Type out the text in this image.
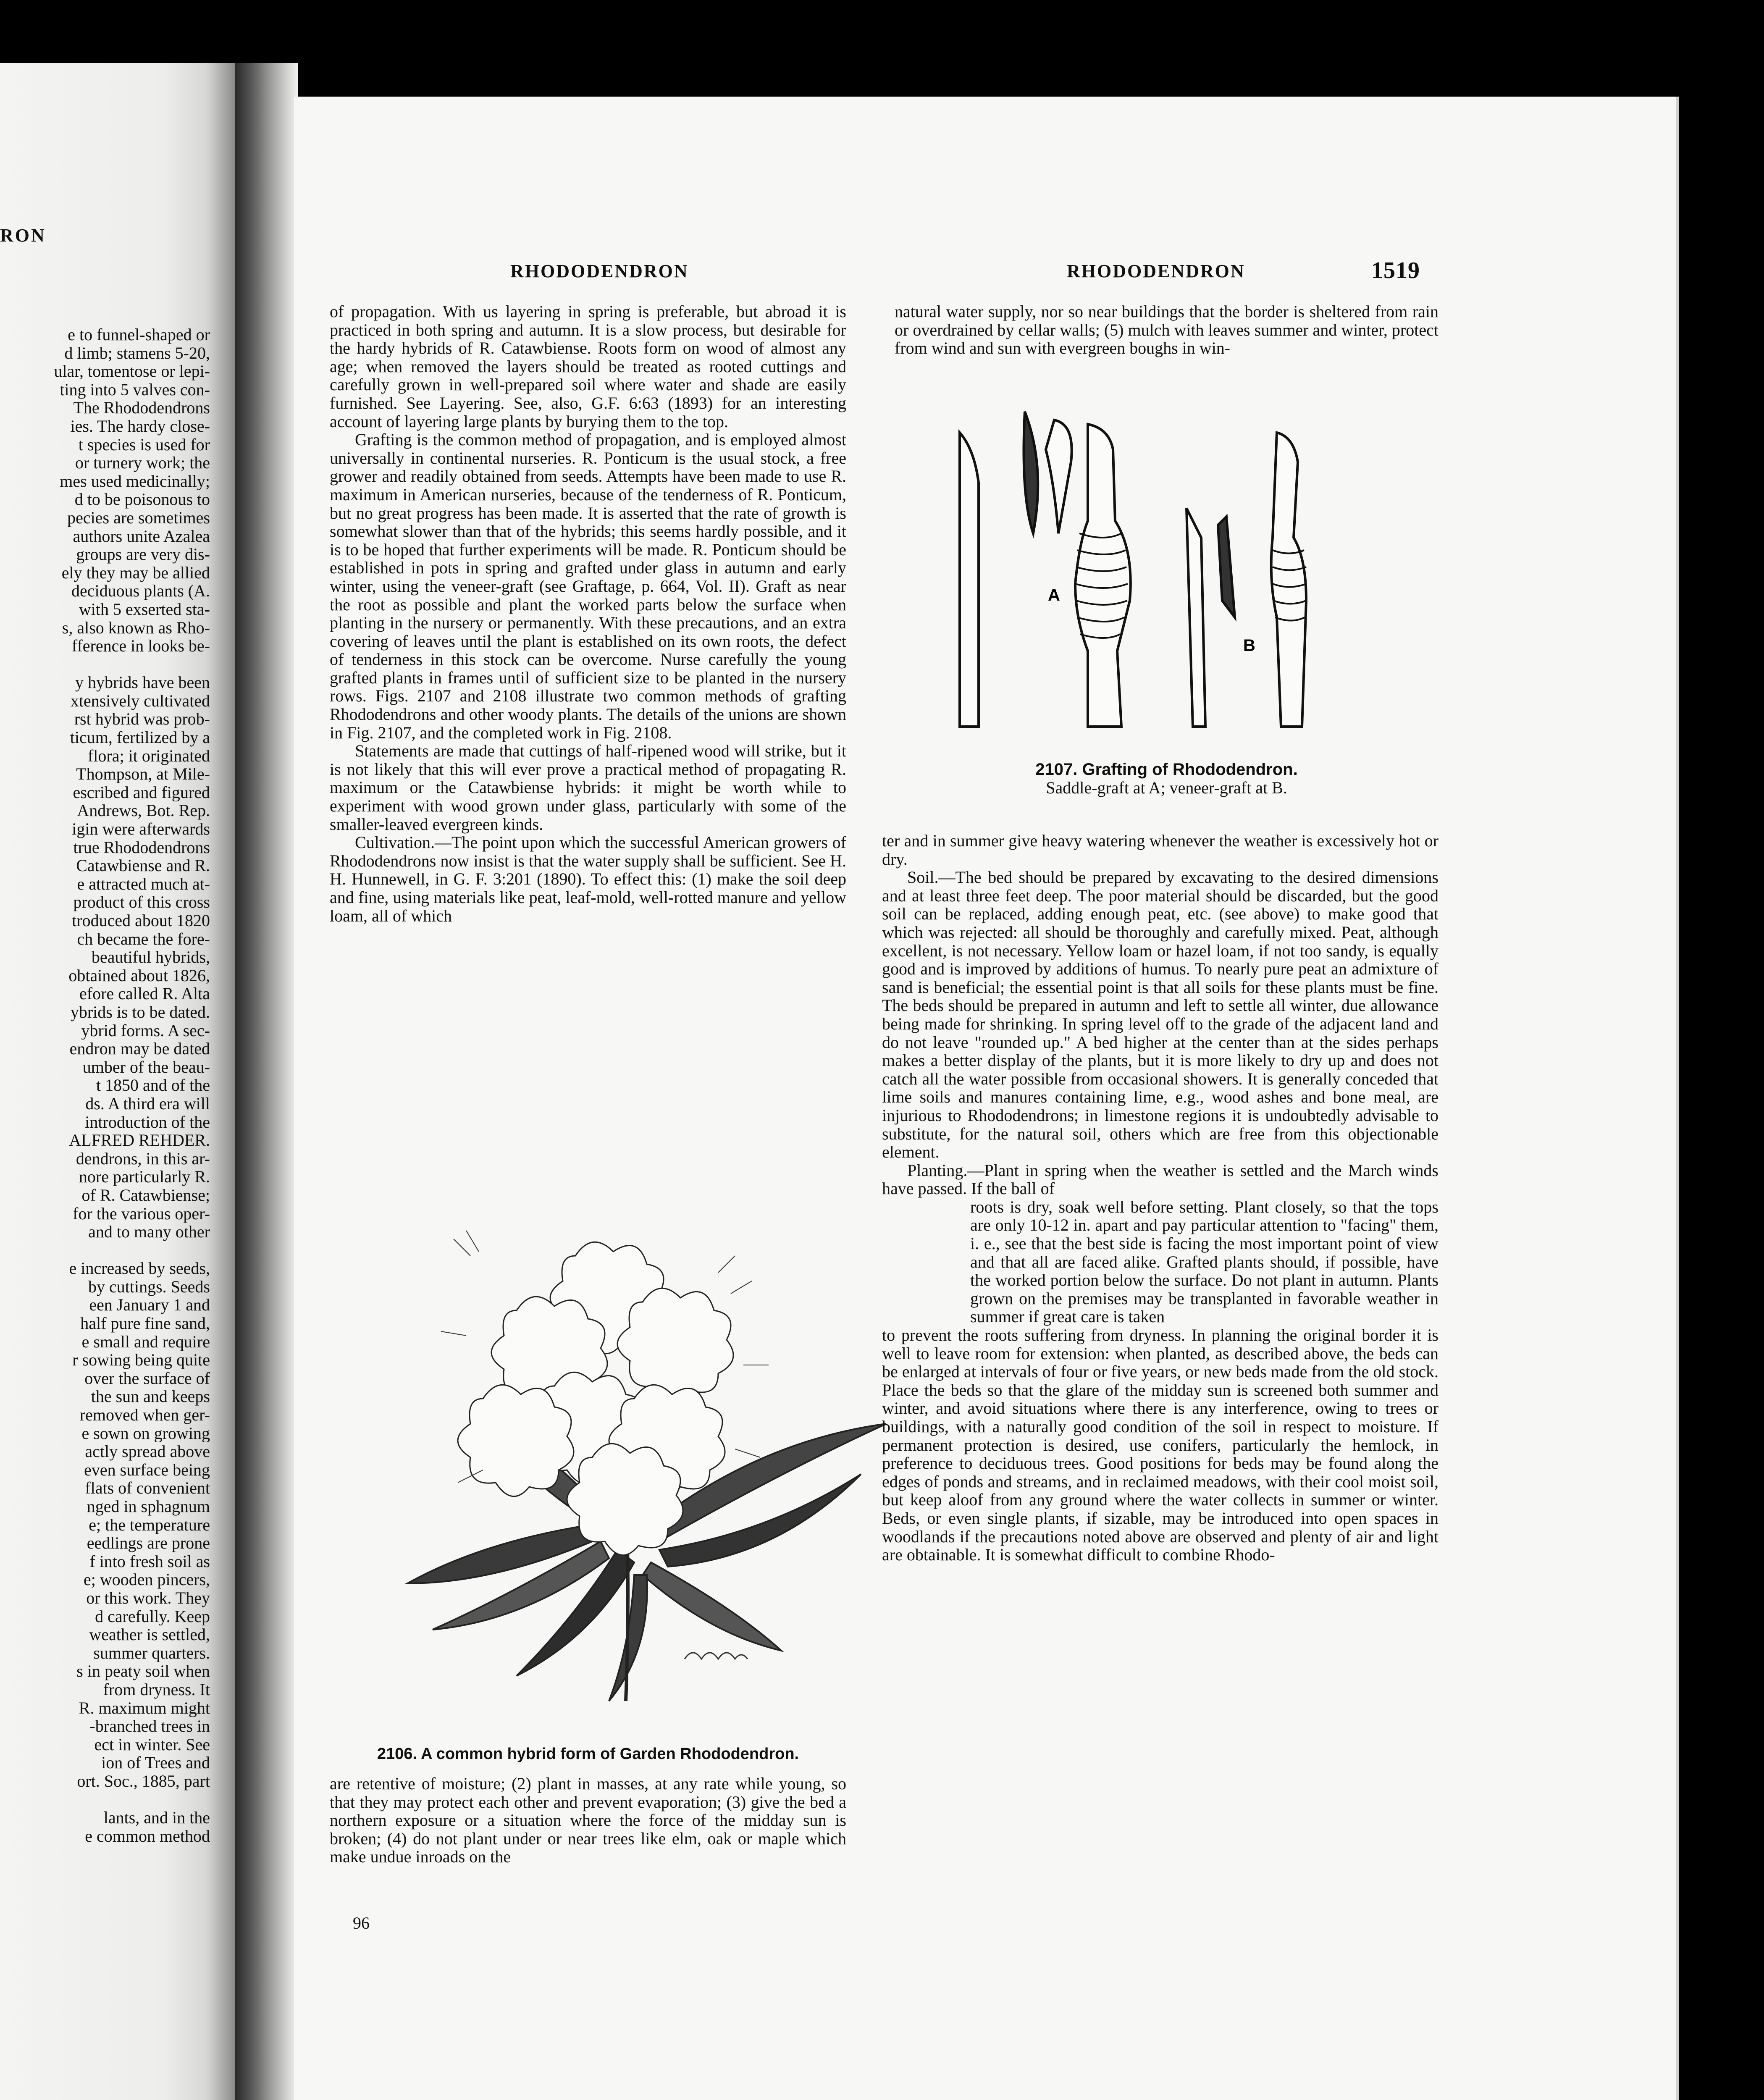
RON
e to funnel-shaped or
d limb; stamens 5-20,
ular, tomentose or lepi-
ting into 5 valves con-
The Rhododendrons
ies. The hardy close-
t species is used for
or turnery work; the
mes used medicinally;
d to be poisonous to
pecies are sometimes
authors unite Azalea
groups are very dis-
ely they may be allied
deciduous plants (A.
with 5 exserted sta-
s, also known as Rho-
fference in looks be-
y hybrids have been
xtensively cultivated
rst hybrid was prob-
ticum, fertilized by a
flora; it originated
Thompson, at Mile-
escribed and figured
Andrews, Bot. Rep.
igin were afterwards
true Rhododendrons
Catawbiense and R.
e attracted much at-
product of this cross
troduced about 1820
ch became the fore-
beautiful hybrids,
obtained about 1826,
efore called R. Alta
ybrids is to be dated.
ybrid forms. A sec-
endron may be dated
umber of the beau-
t 1850 and of the
ds. A third era will
introduction of the
ALFRED REHDER.
dendrons, in this ar-
nore particularly R.
of R. Catawbiense;
for the various oper-
and to many other
e increased by seeds,
by cuttings. Seeds
een January 1 and
half pure fine sand,
e small and require
r sowing being quite
over the surface of
the sun and keeps
removed when ger-
e sown on growing
actly spread above
even surface being
flats of convenient
nged in sphagnum
e; the temperature
eedlings are prone
f into fresh soil as
e; wooden pincers,
or this work. They
d carefully. Keep
weather is settled,
summer quarters.
s in peaty soil when
from dryness. It
R. maximum might
-branched trees in
ect in winter. See
ion of Trees and
ort. Soc., 1885, part
lants, and in the
e common method
RHODODENDRON	RHODODENDRON	1519

of propagation. With us layering in spring is preferable, but abroad it is practiced in both spring and autumn. It is a slow process, but desirable for the hardy hybrids of R. Catawbiense. Roots form on wood of almost any age; when removed the layers should be treated as rooted cuttings and carefully grown in well-prepared soil where water and shade are easily furnished. See Layering. See, also, G.F. 6:63 (1893) for an interesting account of layering large plants by burying them to the top.

Grafting is the common method of propagation, and is employed almost universally in continental nurseries. R. Ponticum is the usual stock, a free grower and readily obtained from seeds. Attempts have been made to use R. maximum in American nurseries, because of the tenderness of R. Ponticum, but no great progress has been made. It is asserted that the rate of growth is somewhat slower than that of the hybrids; this seems hardly possible, and it is to be hoped that further experiments will be made. R. Ponticum should be established in pots in spring and grafted under glass in autumn and early winter, using the veneer-graft (see Graftage, p. 664, Vol. II). Graft as near the root as possible and plant the worked parts below the surface when planting in the nursery or permanently. With these precautions, and an extra covering of leaves until the plant is established on its own roots, the defect of tenderness in this stock can be overcome. Nurse carefully the young grafted plants in frames until of sufficient size to be planted in the nursery rows. Figs. 2107 and 2108 illustrate two common methods of grafting Rhododendrons and other woody plants. The details of the unions are shown in Fig. 2107, and the completed work in Fig. 2108.

Statements are made that cuttings of half-ripened wood will strike, but it is not likely that this will ever prove a practical method of propagating R. maximum or the Catawbiense hybrids: it might be worth while to experiment with wood grown under glass, particularly with some of the smaller-leaved evergreen kinds.

Cultivation.—The point upon which the successful American growers of Rhododendrons now insist is that the water supply shall be sufficient. See H. H. Hunnewell, in G. F. 3:201 (1890). To effect this: (1) make the soil deep and fine, using materials like peat, leaf-mold, well-rotted manure and yellow loam, all of which

2106. A common hybrid form of Garden Rhododendron.

are retentive of moisture; (2) plant in masses, at any rate while young, so that they may protect each other and prevent evaporation; (3) give the bed a northern exposure or a situation where the force of the midday sun is broken; (4) do not plant under or near trees like elm, oak or maple which make undue inroads on the

96

natural water supply, nor so near buildings that the border is sheltered from rain or overdrained by cellar walls; (5) mulch with leaves summer and winter, protect from wind and sun with evergreen boughs in win-

A
B
2107. Grafting of Rhododendron.
Saddle-graft at A; veneer-graft at B.

ter and in summer give heavy watering whenever the weather is excessively hot or dry.

Soil.—The bed should be prepared by excavating to the desired dimensions and at least three feet deep. The poor material should be discarded, but the good soil can be replaced, adding enough peat, etc. (see above) to make good that which was rejected: all should be thoroughly and carefully mixed. Peat, although excellent, is not necessary. Yellow loam or hazel loam, if not too sandy, is equally good and is improved by additions of humus. To nearly pure peat an admixture of sand is beneficial; the essential point is that all soils for these plants must be fine. The beds should be prepared in autumn and left to settle all winter, due allowance being made for shrinking. In spring level off to the grade of the adjacent land and do not leave "rounded up." A bed higher at the center than at the sides perhaps makes a better display of the plants, but it is more likely to dry up and does not catch all the water possible from occasional showers. It is generally conceded that lime soils and manures containing lime, e.g., wood ashes and bone meal, are injurious to Rhododendrons; in limestone regions it is undoubtedly advisable to substitute, for the natural soil, others which are free from this objectionable element.

Planting.—Plant in spring when the weather is settled and the March winds have passed. If the ball of
roots is dry, soak well before setting. Plant closely, so that the tops are only 10-12 in. apart and pay particular attention to "facing" them, i. e., see that the best side is facing the most important point of view and that all are faced alike. Grafted plants should, if possible, have the worked portion below the surface. Do not plant in autumn. Plants grown on the premises may be transplanted in favorable weather in summer if great care is taken
to prevent the roots suffering from dryness. In planning the original border it is well to leave room for extension: when planted, as described above, the beds can be enlarged at intervals of four or five years, or new beds made from the old stock. Place the beds so that the glare of the midday sun is screened both summer and winter, and avoid situations where there is any interference, owing to trees or buildings, with a naturally good condition of the soil in respect to moisture. If permanent protection is desired, use conifers, particularly the hemlock, in preference to deciduous trees. Good positions for beds may be found along the edges of ponds and streams, and in reclaimed meadows, with their cool moist soil, but keep aloof from any ground where the water collects in summer or winter. Beds, or even single plants, if sizable, may be introduced into open spaces in woodlands if the precautions noted above are observed and plenty of air and light are obtainable. It is somewhat difficult to combine Rhodo-
